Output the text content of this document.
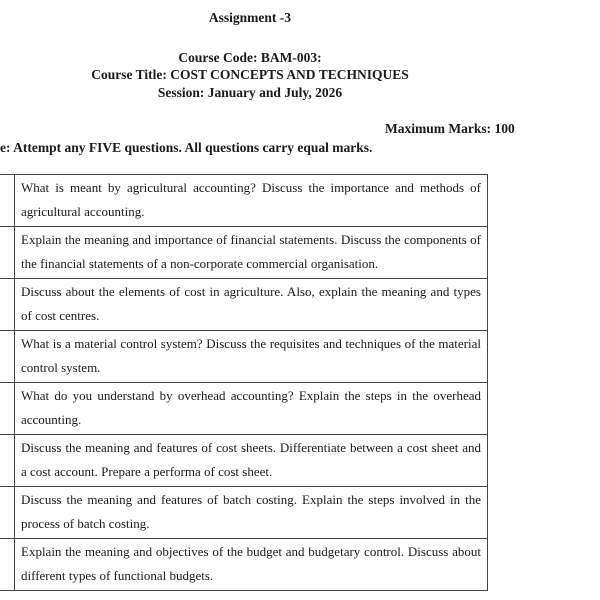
Assignment -3
Course Code: BAM-003:
Course Title: COST CONCEPTS AND TECHNIQUES
Session: January and July, 2026
Maximum Marks: 100
e: Attempt any FIVE questions. All questions carry equal marks.
	What is meant by agricultural accounting? Discuss the importance and methods of agricultural accounting.
	Explain the meaning and importance of financial statements. Discuss the components of the financial statements of a non-corporate commercial organisation.
	Discuss about the elements of cost in agriculture. Also, explain the meaning and types of cost centres.
	What is a material control system? Discuss the requisites and techniques of the material control system.
	What do you understand by overhead accounting? Explain the steps in the overhead accounting.
	Discuss the meaning and features of cost sheets. Differentiate between a cost sheet and a cost account. Prepare a performa of cost sheet.
	Discuss the meaning and features of batch costing. Explain the steps involved in the process of batch costing.
	Explain the meaning and objectives of the budget and budgetary control. Discuss about different types of functional budgets.
